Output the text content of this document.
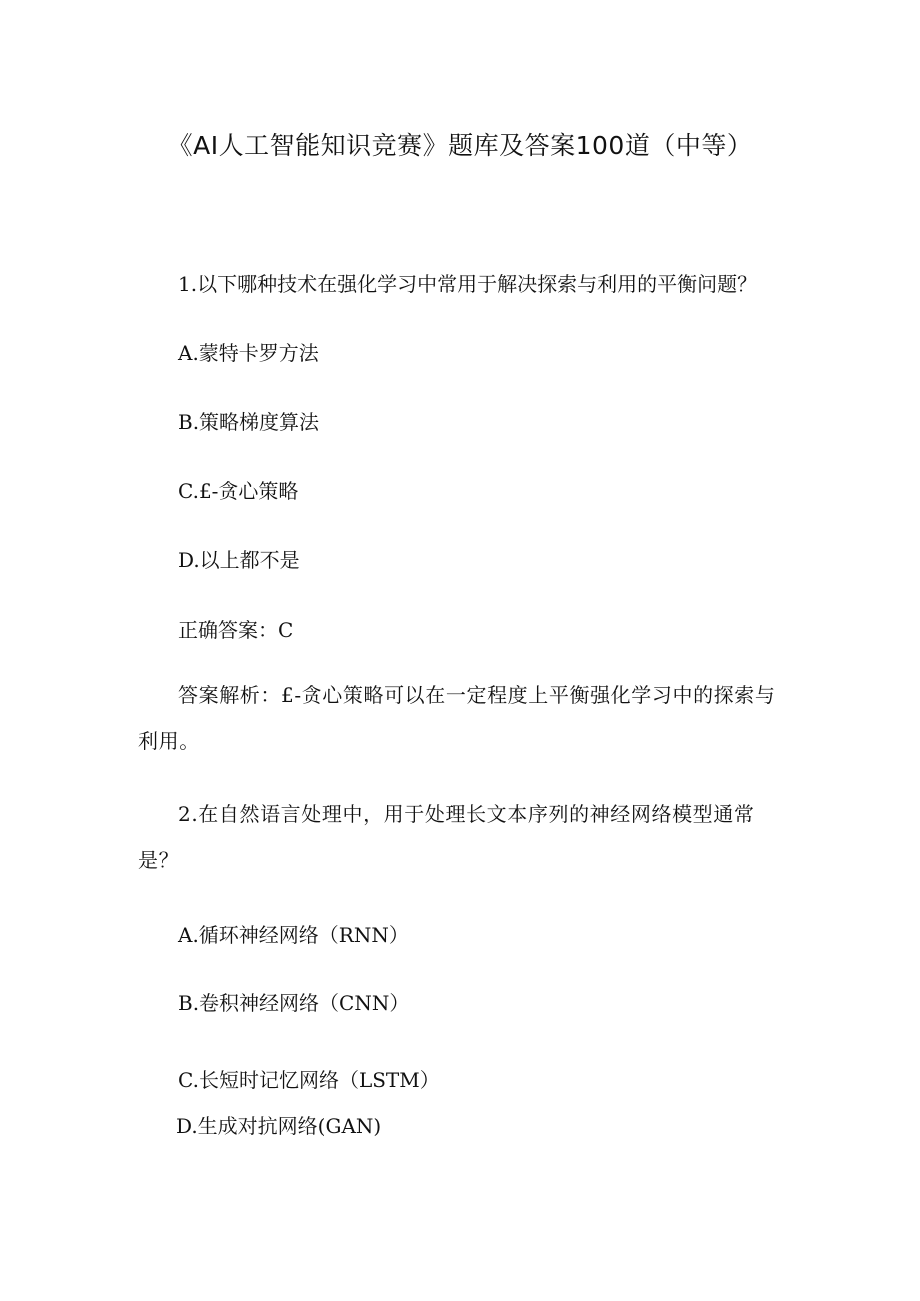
《AI人工智能知识竞赛》题库及答案100道（中等）

1.以下哪种技术在强化学习中常用于解决探索与利用的平衡问题？

A.蒙特卡罗方法

B.策略梯度算法

C.£-贪心策略

D.以上都不是

正确答案：C

答案解析：£-贪心策略可以在一定程度上平衡强化学习中的探索与利用。

2.在自然语言处理中，用于处理长文本序列的神经网络模型通常是？

A.循环神经网络（RNN）

B.卷积神经网络（CNN）

C.长短时记忆网络（LSTM）

D.生成对抗网络(GAN)
